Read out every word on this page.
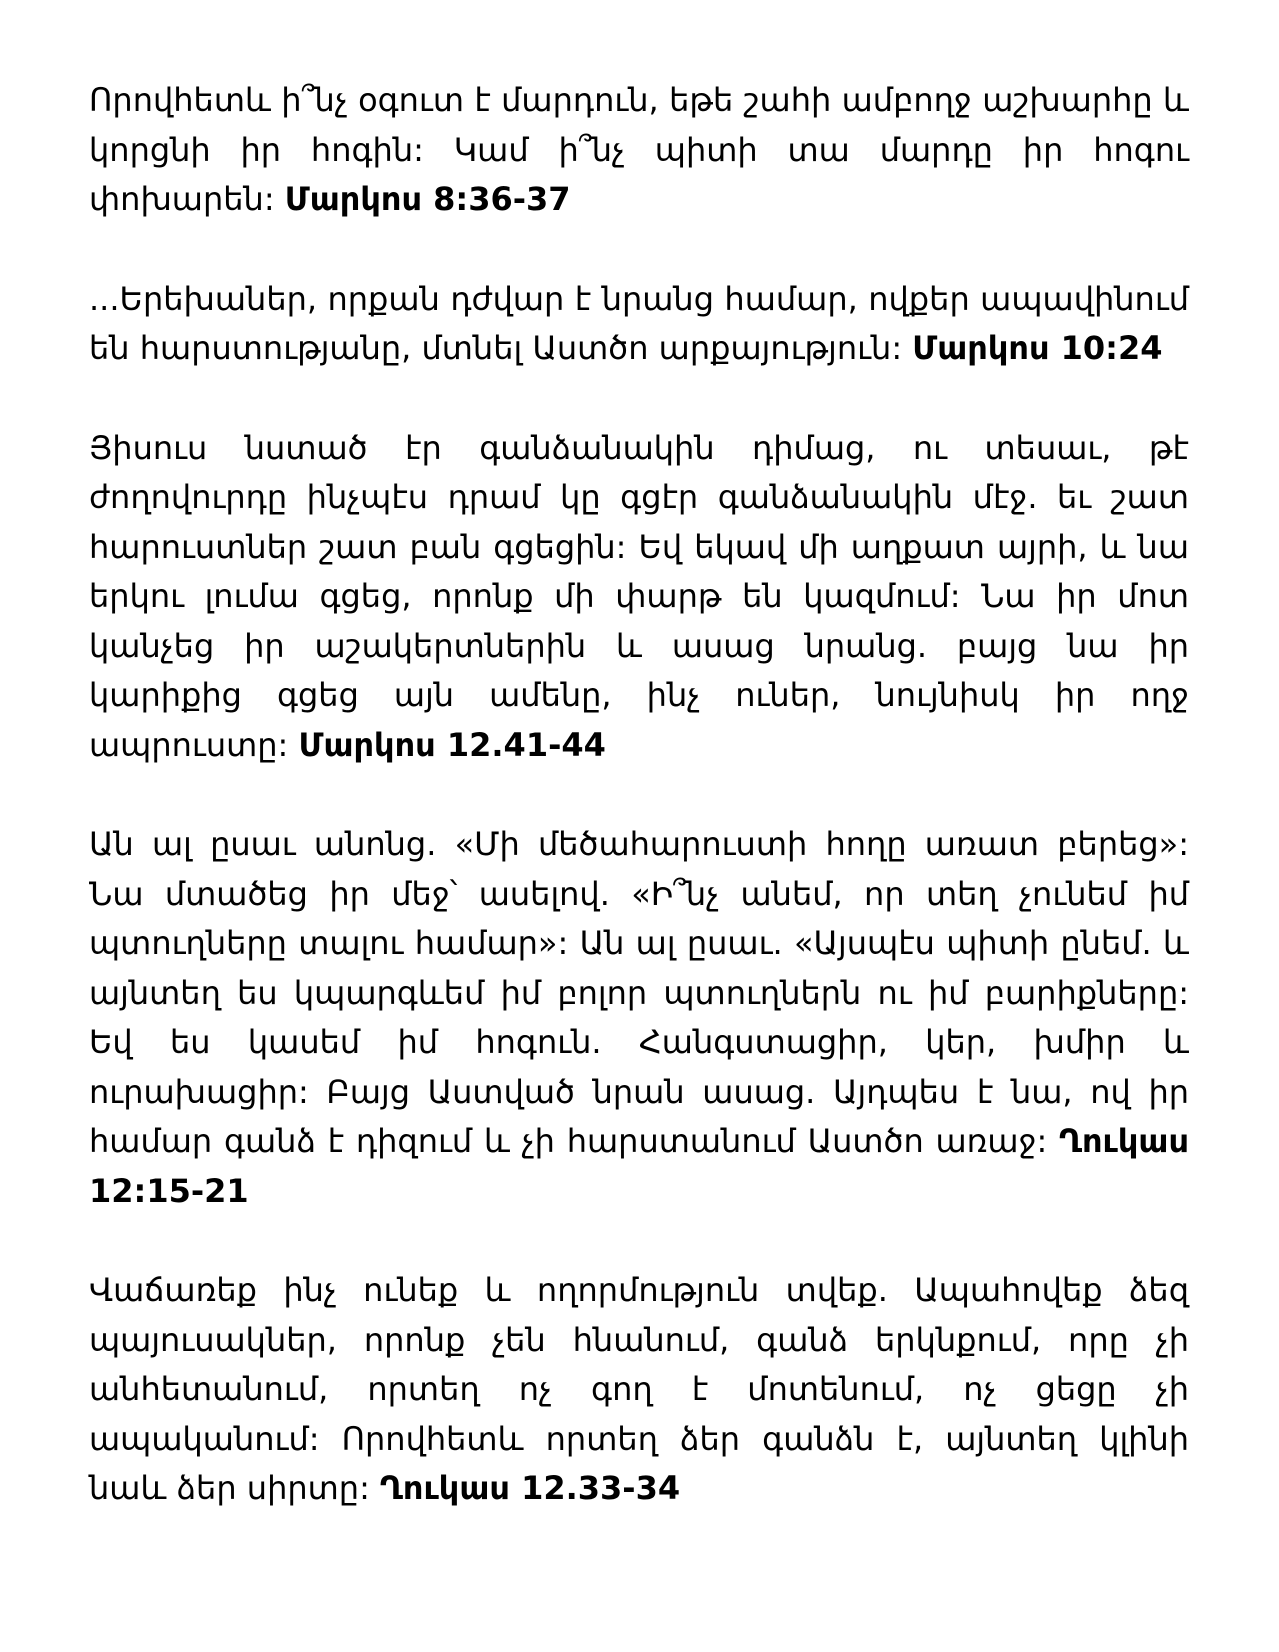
Որովհետև ի՞նչ օգուտ է մարդուն, եթե շահի ամբողջ աշխարհը և կորցնի իր հոգին: Կամ ի՞նչ պիտի տա մարդը իր հոգու փոխարեն: Մարկոս 8:36-37

...Երեխաներ, որքան դժվար է նրանց համար, ովքեր ապավինում են հարստությանը, մտնել Աստծո արքայություն: Մարկոս 10:24

Յիսուս նստած էր գանձանակին դիմաց, ու տեսաւ, թէ ժողովուրդը ինչպէս դրամ կը գցէր գանձանակին մէջ. եւ շատ հարուստներ շատ բան գցեցին: Եվ եկավ մի աղքատ այրի, և նա երկու լումա գցեց, որոնք մի փարթ են կազմում: Նա իր մոտ կանչեց իր աշակերտներին և ասաց նրանց. բայց նա իր կարիքից գցեց այն ամենը, ինչ ուներ, նույնիսկ իր ողջ ապրուստը: Մարկոս 12.41-44

Ան ալ ըսաւ անոնց. «Մի մեծահարուստի հողը առատ բերեց»: Նա մտածեց իր մեջ՝ ասելով. «Ի՞նչ անեմ, որ տեղ չունեմ իմ պտուղները տալու համար»: Ան ալ ըսաւ. «Այսպէս պիտի ընեմ. և այնտեղ ես կպարգևեմ իմ բոլոր պտուղներն ու իմ բարիքները: Եվ ես կասեմ իմ հոգուն. Հանգստացիր, կեր, խմիր և ուրախացիր: Բայց Աստված նրան ասաց. Այդպես է նա, ով իր համար գանձ է դիզում և չի հարստանում Աստծո առաջ: Ղուկաս 12:15-21

Վաճառեք ինչ ունեք և ողորմություն տվեք. Ապահովեք ձեզ պայուսակներ, որոնք չեն հնանում, գանձ երկնքում, որը չի անհետանում, որտեղ ոչ գող է մոտենում, ոչ ցեցը չի ապականում: Որովհետև որտեղ ձեր գանձն է, այնտեղ կլինի նաև ձեր սիրտը: Ղուկաս 12.33-34
